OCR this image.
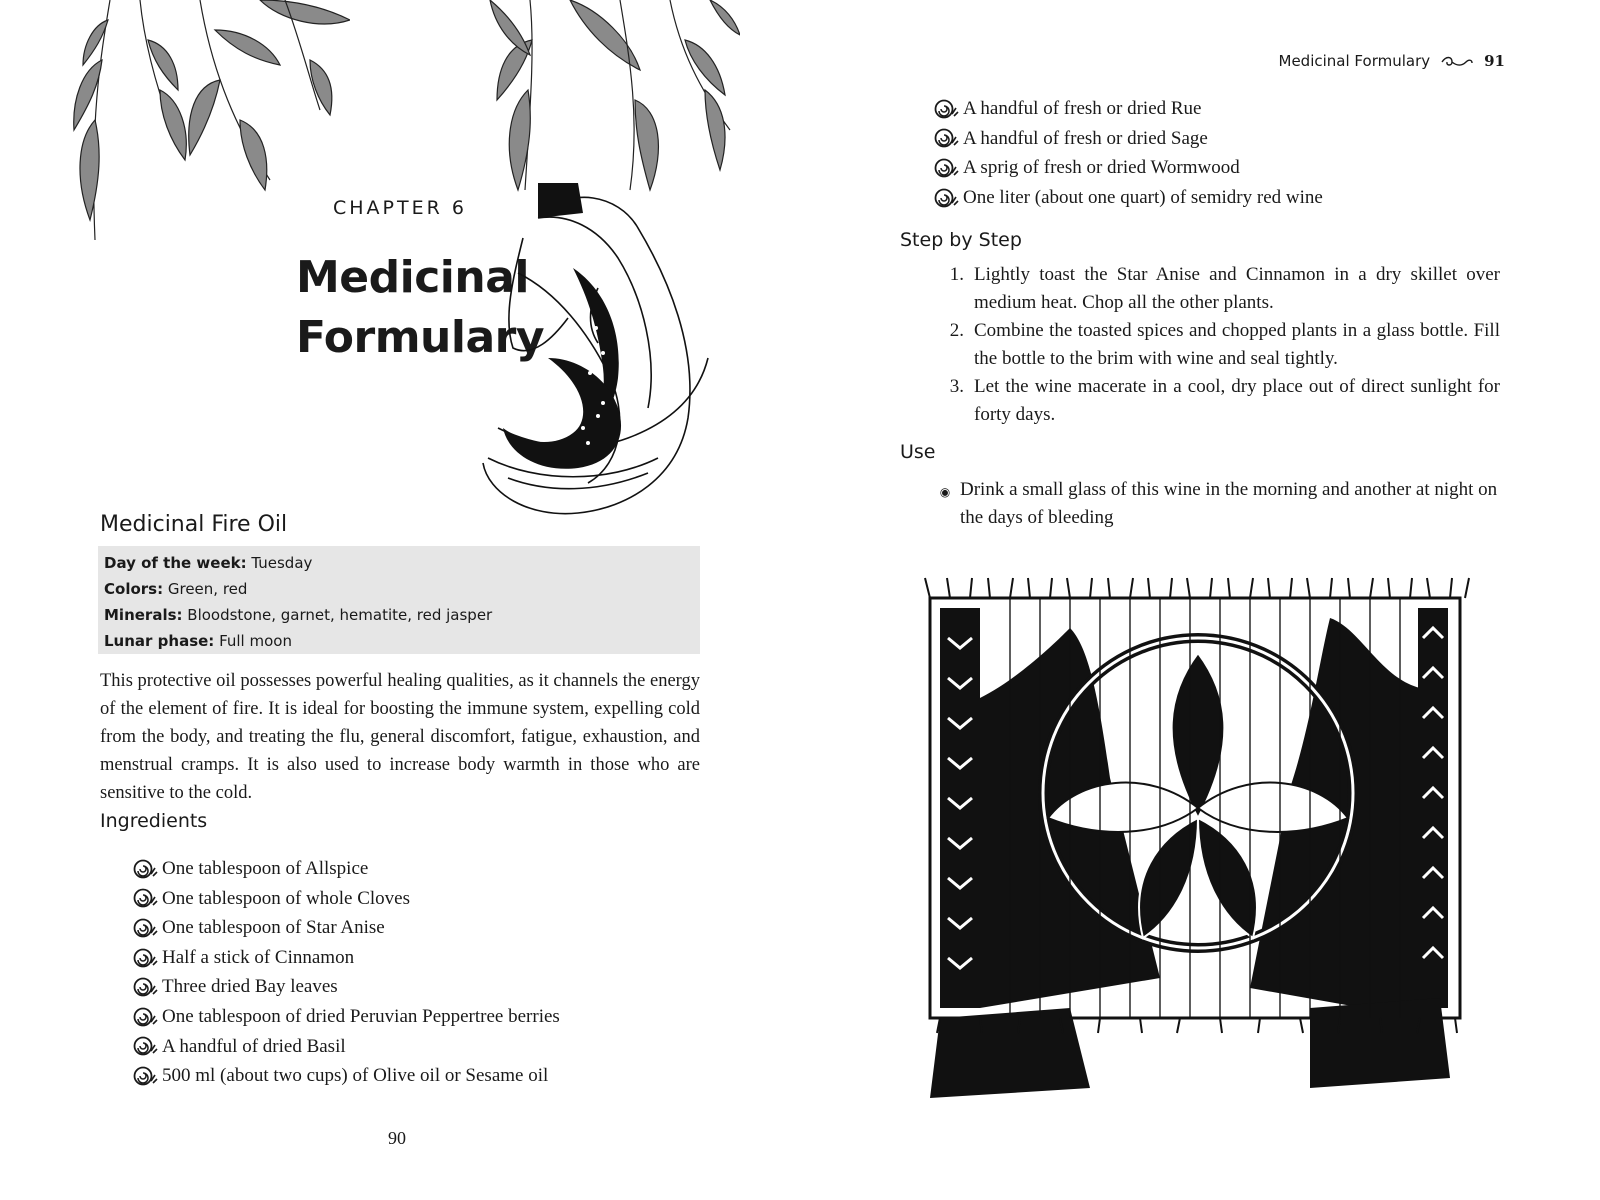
CHAPTER 6
Medicinal
Formulary
Medicinal Fire Oil
Day of the week: Tuesday
Colors: Green, red
Minerals: Bloodstone, garnet, hematite, red jasper
Lunar phase: Full moon

This protective oil possesses powerful healing qualities, as it channels the energy of the element of fire. It is ideal for boosting the immune system, expelling cold from the body, and treating the flu, general discomfort, fatigue, exhaustion, and menstrual cramps. It is also used to increase body warmth in those who are sensitive to the cold.

Ingredients
One tablespoon of Allspice
One tablespoon of whole Cloves
One tablespoon of Star Anise
Half a stick of Cinnamon
Three dried Bay leaves
One tablespoon of dried Peruvian Peppertree berries
A handful of dried Basil
500 ml (about two cups) of Olive oil or Sesame oil
90
Medicinal Formulary	91
A handful of fresh or dried Rue
A handful of fresh or dried Sage
A sprig of fresh or dried Wormwood
One liter (about one quart) of semidry red wine
Step by Step
1. Lightly toast the Star Anise and Cinnamon in a dry skillet over medium heat. Chop all the other plants.
2. Combine the toasted spices and chopped plants in a glass bottle. Fill the bottle to the brim with wine and seal tightly.
3. Let the wine macerate in a cool, dry place out of direct sunlight for forty days.
Use
◉ Drink a small glass of this wine in the morning and another at night on the days of bleeding
